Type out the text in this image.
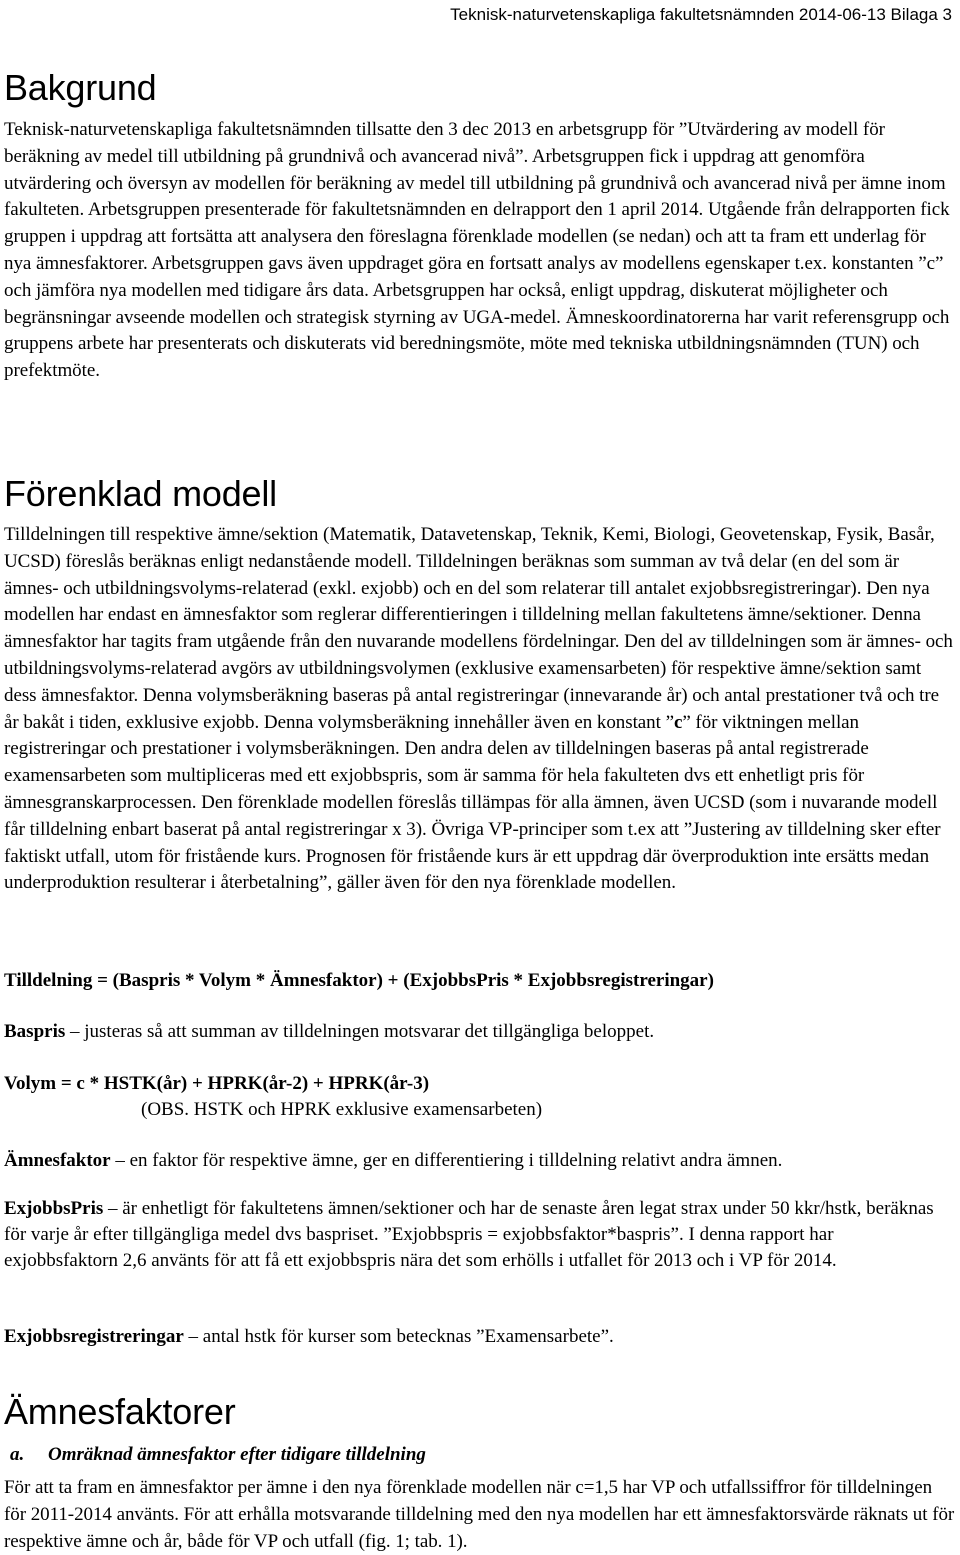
Teknisk-naturvetenskapliga fakultetsnämnden 2014-06-13 Bilaga 3
Bakgrund

Teknisk-naturvetenskapliga fakultetsnämnden tillsatte den 3 dec 2013 en arbetsgrupp för ”Utvärdering av modell för beräkning av medel till utbildning på grundnivå och avancerad nivå”. Arbetsgruppen fick i uppdrag att genomföra utvärdering och översyn av modellen för beräkning av medel till utbildning på grundnivå och avancerad nivå per ämne inom fakulteten. Arbetsgruppen presenterade för fakultetsnämnden en delrapport den 1 april 2014. Utgående från delrapporten fick gruppen i uppdrag att fortsätta att analysera den föreslagna förenklade modellen (se nedan) och att ta fram ett underlag för nya ämnesfaktorer. Arbetsgruppen gavs även uppdraget göra en fortsatt analys av modellens egenskaper t.ex. konstanten ”c” och jämföra nya modellen med tidigare års data. Arbetsgruppen har också, enligt uppdrag, diskuterat möjligheter och begränsningar avseende modellen och strategisk styrning av UGA-medel. Ämneskoordinatorerna har varit referensgrupp och gruppens arbete har presenterats och diskuterats vid beredningsmöte, möte med tekniska utbildningsnämnden (TUN) och prefektmöte.

Förenklad modell

Tilldelningen till respektive ämne/sektion (Matematik, Datavetenskap, Teknik, Kemi, Biologi, Geovetenskap, Fysik, Basår, UCSD) föreslås beräknas enligt nedanstående modell. Tilldelningen beräknas som summan av två delar (en del som är ämnes- och utbildningsvolyms-relaterad (exkl. exjobb) och en del som relaterar till antalet exjobbsregistreringar). Den nya modellen har endast en ämnesfaktor som reglerar differentieringen i tilldelning mellan fakultetens ämne/sektioner. Denna ämnesfaktor har tagits fram utgående från den nuvarande modellens fördelningar. Den del av tilldelningen som är ämnes- och utbildningsvolyms-relaterad avgörs av utbildningsvolymen (exklusive examensarbeten) för respektive ämne/sektion samt dess ämnesfaktor. Denna volymsberäkning baseras på antal registreringar (innevarande år) och antal prestationer två och tre år bakåt i tiden, exklusive exjobb. Denna volymsberäkning innehåller även en konstant ”c” för viktningen mellan registreringar och prestationer i volymsberäkningen. Den andra delen av tilldelningen baseras på antal registrerade examensarbeten som multipliceras med ett exjobbspris, som är samma för hela fakulteten dvs ett enhetligt pris för ämnesgranskarprocessen. Den förenklade modellen föreslås tillämpas för alla ämnen, även UCSD (som i nuvarande modell får tilldelning enbart baserat på antal registreringar x 3). Övriga VP-principer som t.ex att ”Justering av tilldelning sker efter faktiskt utfall, utom för fristående kurs. Prognosen för fristående kurs är ett uppdrag där överproduktion inte ersätts medan underproduktion resulterar i återbetalning”, gäller även för den nya förenklade modellen.

Tilldelning = (Baspris * Volym * Ämnesfaktor) + (ExjobbsPris * Exjobbsregistreringar)
Baspris – justeras så att summan av tilldelningen motsvarar det tillgängliga beloppet.
Volym = c * HSTK(år) + HPRK(år-2) + HPRK(år-3)
(OBS. HSTK och HPRK exklusive examensarbeten)
Ämnesfaktor – en faktor för respektive ämne, ger en differentiering i tilldelning relativt andra ämnen.
ExjobbsPris – är enhetligt för fakultetens ämnen/sektioner och har de senaste åren legat strax under 50 kkr/hstk, beräknas för varje år efter tillgängliga medel dvs baspriset. ”Exjobbspris = exjobbsfaktor*baspris”. I denna rapport har exjobbsfaktorn 2,6 använts för att få ett exjobbspris nära det som erhölls i utfallet för 2013 och i VP för 2014.
Exjobbsregistreringar – antal hstk för kurser som betecknas ”Examensarbete”.
Ämnesfaktorer
a. Omräknad ämnesfaktor efter tidigare tilldelning

För att ta fram en ämnesfaktor per ämne i den nya förenklade modellen när c=1,5 har VP och utfallssiffror för tilldelningen för 2011-2014 använts. För att erhålla motsvarande tilldelning med den nya modellen har ett ämnesfaktorsvärde räknats ut för respektive ämne och år, både för VP och utfall (fig. 1; tab. 1).
